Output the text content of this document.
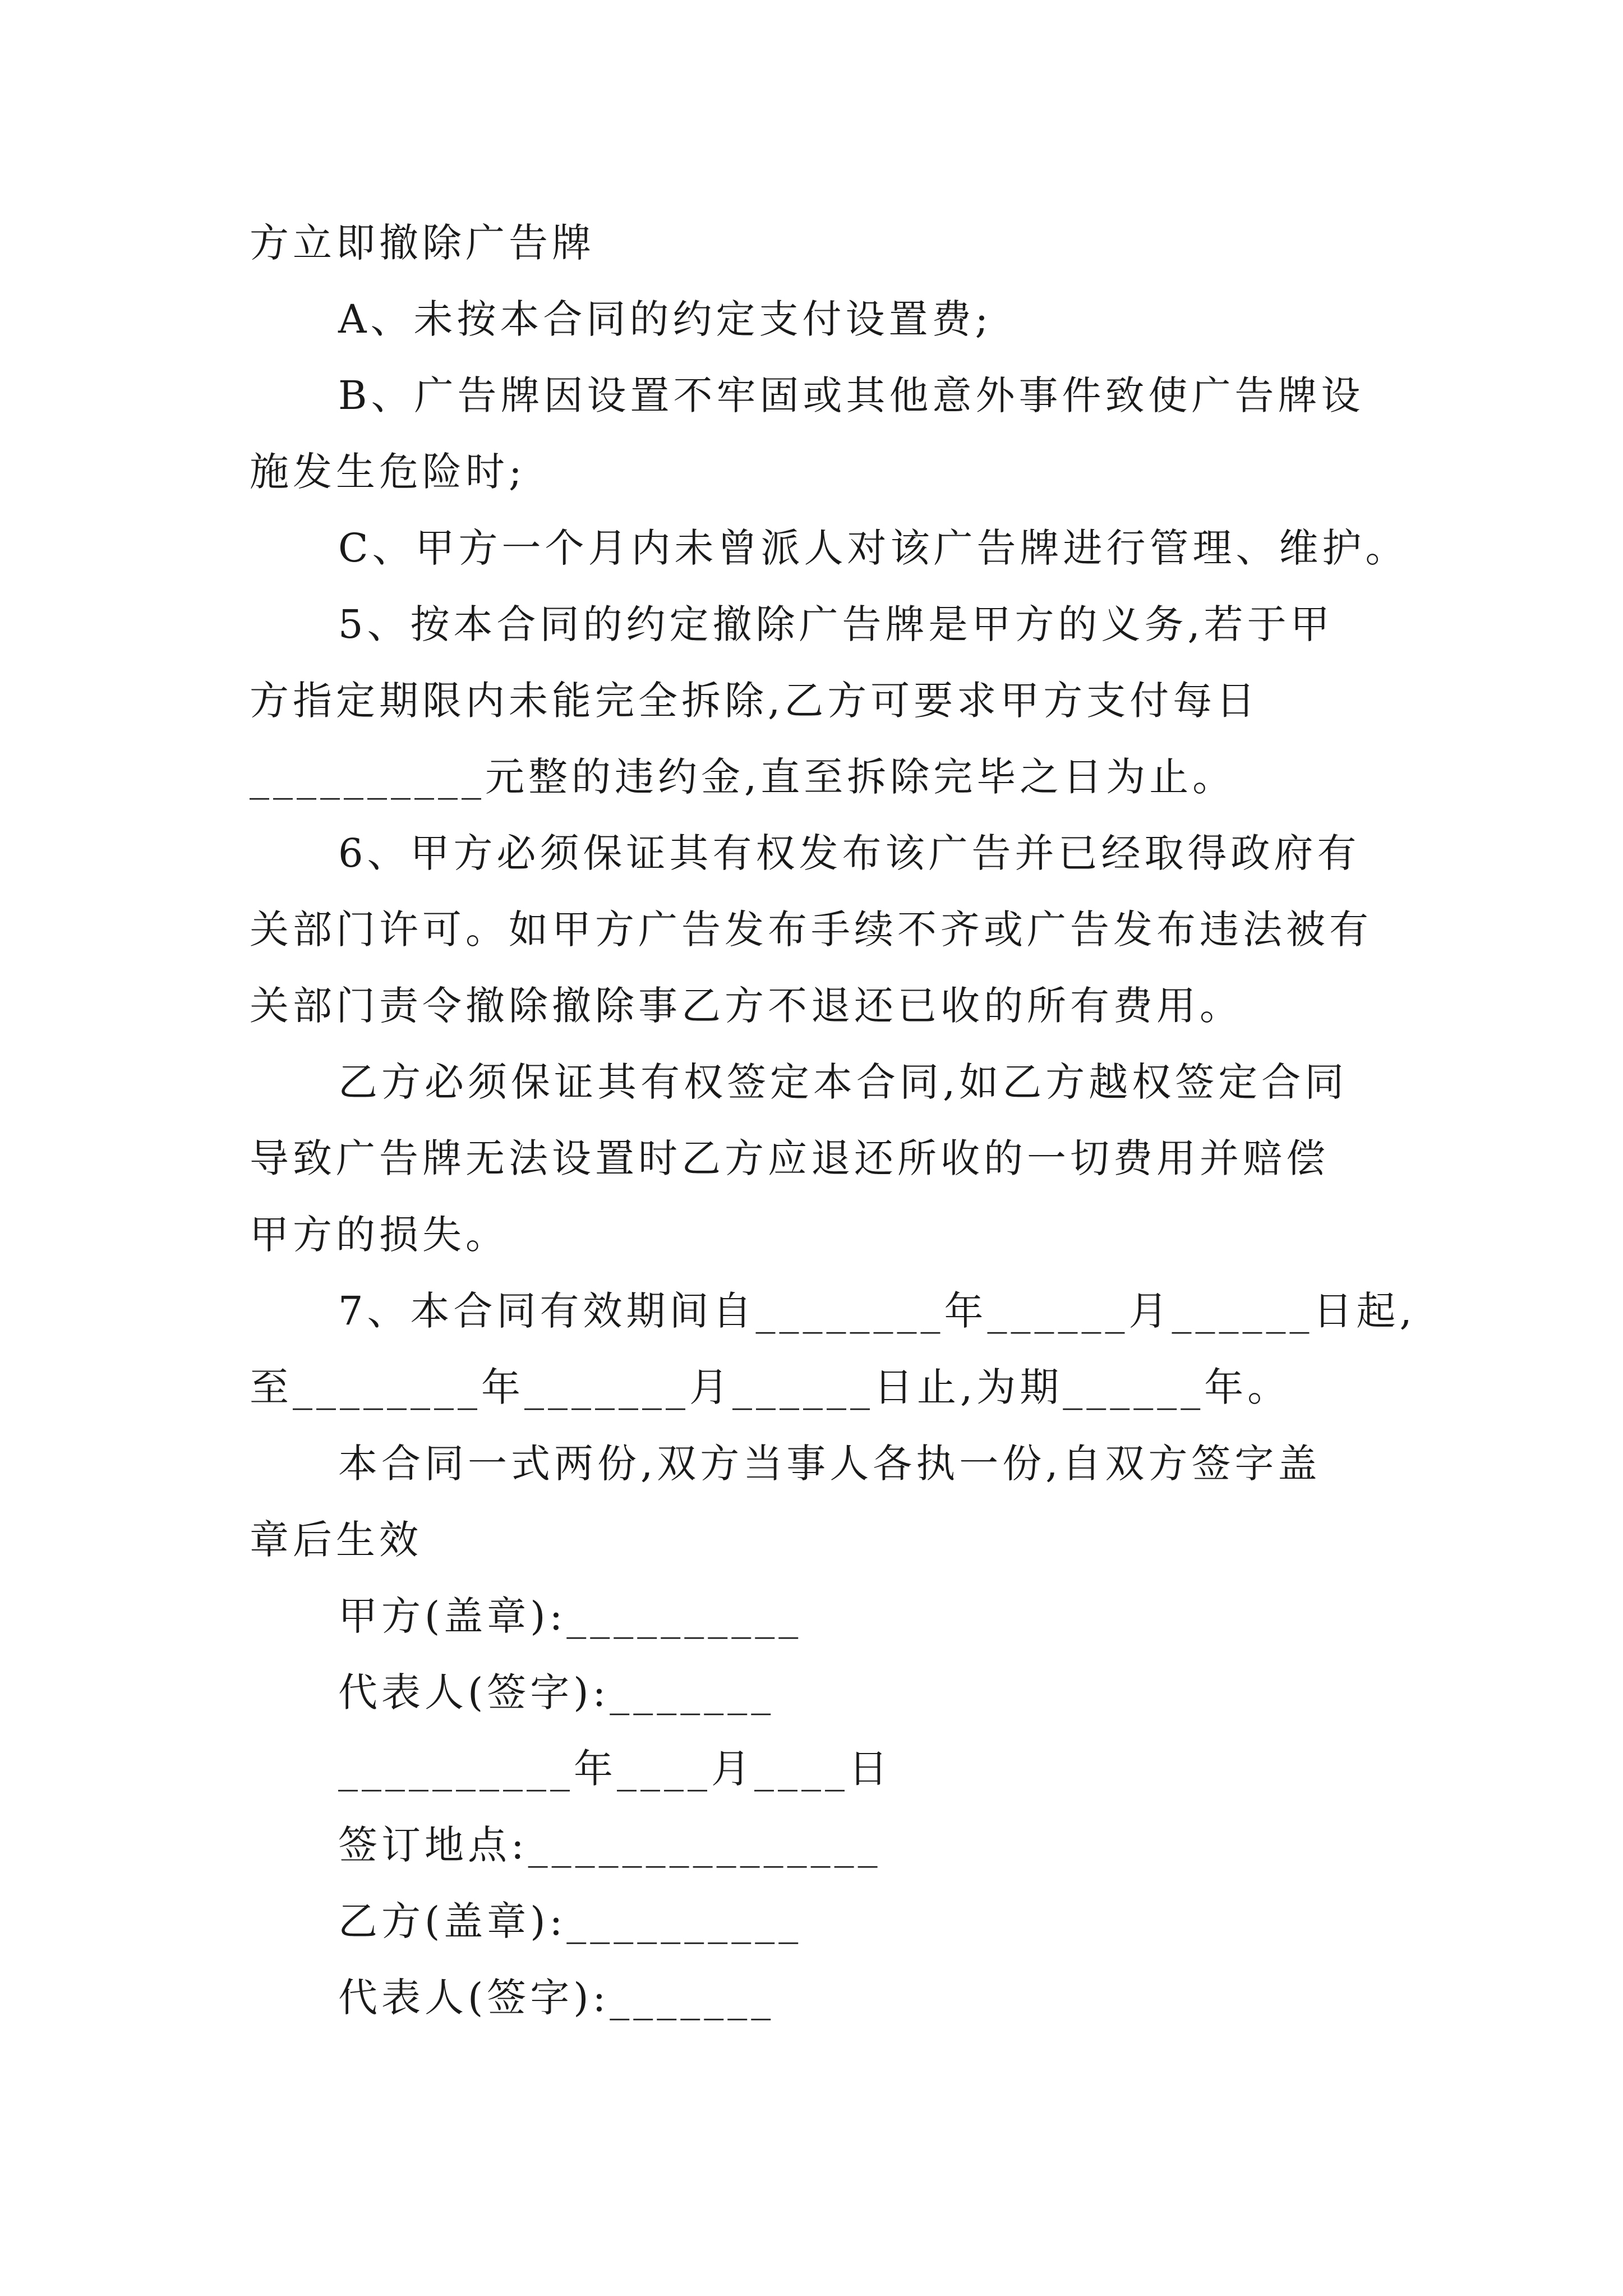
方立即撤除广告牌

A、未按本合同的约定支付设置费;

B、广告牌因设置不牢固或其他意外事件致使广告牌设

施发生危险时;

C、甲方一个月内未曾派人对该广告牌进行管理、维护。

5、按本合同的约定撤除广告牌是甲方的义务,若于甲

方指定期限内未能完全拆除,乙方可要求甲方支付每日

__________元整的违约金,直至拆除完毕之日为止。

6、甲方必须保证其有权发布该广告并已经取得政府有

关部门许可。如甲方广告发布手续不齐或广告发布违法被有

关部门责令撤除撤除事乙方不退还已收的所有费用。

乙方必须保证其有权签定本合同,如乙方越权签定合同

导致广告牌无法设置时乙方应退还所收的一切费用并赔偿

甲方的损失。

7、本合同有效期间自________年______月______日起,

至________年_______月______日止,为期______年。

本合同一式两份,双方当事人各执一份,自双方签字盖

章后生效

甲方(盖章):__________

代表人(签字):_______

__________年____月____日

签订地点:_______________

乙方(盖章):__________

代表人(签字):_______
